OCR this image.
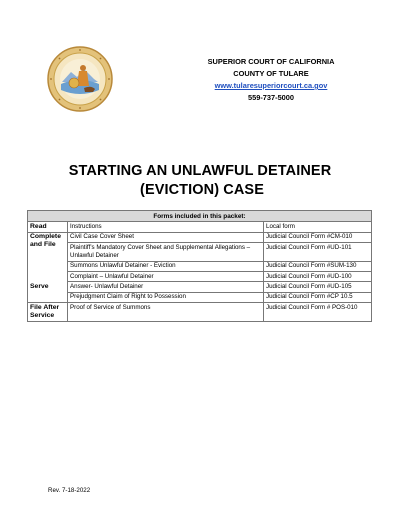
SUPERIOR COURT OF CALIFORNIA
COUNTY OF TULARE
www.tularesuperiorcourt.ca.gov
559-737-5000
STARTING AN UNLAWFUL DETAINER
(EVICTION) CASE
Forms included in this packet:		
Read	Instructions	Local form
Complete
and File	Civil Case Cover Sheet	Judicial Council Form #CM-010
	Plaintiff’s Mandatory Cover Sheet and Supplemental Allegations – Unlawful Detainer	Judicial Council Form #UD-101
	Summons Unlawful Detainer - Eviction	Judicial Council Form #SUM-130
	Complaint – Unlawful Detainer	Judicial Council Form #UD-100
Serve	Answer- Unlawful Detainer	Judicial Council Form #UD-105
	Prejudgment Claim of Right to Possession	Judicial Council Form #CP 10.5
File After
Service	Proof of Service of Summons	Judicial Council Form # POS-010
Rev. 7-18-2022
